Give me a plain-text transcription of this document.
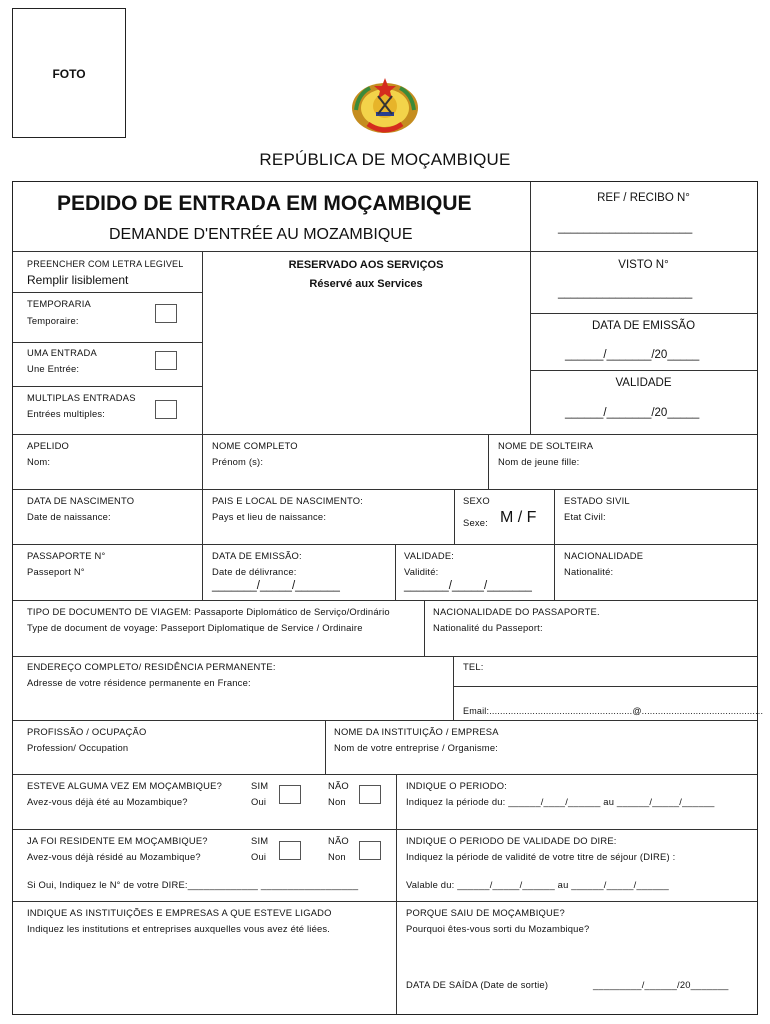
FOTO
REPÚBLICA DE MOÇAMBIQUE
PEDIDO DE ENTRADA EM MOÇAMBIQUE
DEMANDE D'ENTRÉE AU MOZAMBIQUE
REF / RECIBO N°
_____________________
PREENCHER COM LETRA LEGIVEL
Remplir lisiblement
TEMPORARIA
Temporaire:
UMA ENTRADA
Une Entrée:
MULTIPLAS ENTRADAS
Entrées multiples:
RESERVADO AOS SERVIÇOS
Réservé aux Services
VISTO N°
_____________________
DATA DE EMISSÃO
______/_______/20_____
VALIDADE
______/_______/20_____
APELIDO
Nom:
NOME COMPLETO
Prénom (s):
NOME DE SOLTEIRA
Nom de jeune fille:
DATA DE NASCIMENTO
Date de naissance:
PAIS E LOCAL DE NASCIMENTO:
Pays et lieu de naissance:
SEXO
Sexe: M / F
ESTADO SIVIL
Etat Civil:
PASSAPORTE N°
Passeport N°
DATA DE EMISSÃO:
Date de délivrance:
_______/_____/_______
VALIDADE:
Validité:
_______/_____/_______
NACIONALIDADE
Nationalité:
TIPO DE DOCUMENTO DE VIAGEM: Passaporte Diplomático de Serviço/Ordinário
Type de document de voyage: Passeport Diplomatique de Service / Ordinaire
NACIONALIDADE DO PASSAPORTE.
Nationalité du Passeport:
ENDEREÇO COMPLETO/ RESIDÊNCIA PERMANENTE:
Adresse de votre résidence permanente en France:
TEL:
Email:.....................................................@.............................................
PROFISSÃO / OCUPAÇÃO
Profession/ Occupation
NOME DA INSTITUIÇÃO / EMPRESA
Nom de votre entreprise / Organisme:
ESTEVE ALGUMA VEZ EM MOÇAMBIQUE?
Avez-vous déjà été au Mozambique?
SIM
Oui
NÃO
Non
INDIQUE O PERIODO:
Indiquez la période du: ______/____/______ au ______/_____/______
JA FOI RESIDENTE EM MOÇAMBIQUE?
Avez-vous déjà résidé au Mozambique?
SIM
Oui
NÃO
Non
Si Oui, Indiquez le N° de votre DIRE:_____________ __________________
INDIQUE O PERIODO DE VALIDADE DO DIRE:
Indiquez la période de validité de votre titre de séjour (DIRE) :
Valable du: ______/_____/______ au ______/_____/______
INDIQUE AS INSTITUIÇÕES E EMPRESAS A QUE ESTEVE LIGADO
Indiquez les institutions et entreprises auxquelles vous avez été liées.
PORQUE SAIU DE MOÇAMBIQUE?
Pourquoi êtes-vous sorti du Mozambique?
DATA DE SAÍDA (Date de sortie)	_________/______/20_______
